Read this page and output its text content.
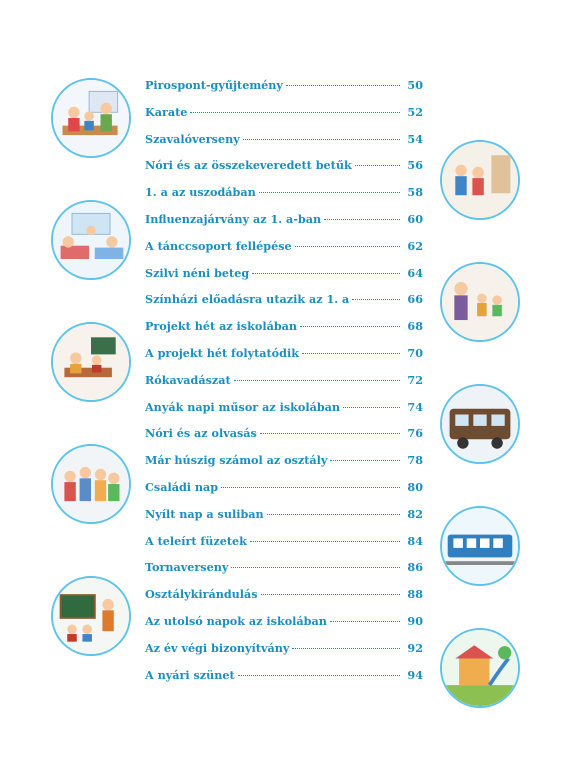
Pirospont-gyűjtemény	50
Karate	52
Szavalóverseny	54
Nóri és az összekeveredett betűk	56
1. a az uszodában	58
Influenzajárvány az 1. a-ban	60
A tánccsoport fellépése	62
Szilvi néni beteg	64
Színházi előadásra utazik az 1. a	66
Projekt hét az iskolában	68
A projekt hét folytatódik	70
Rókavadászat	72
Anyák napi műsor az iskolában	74
Nóri és az olvasás	76
Már húszig számol az osztály	78
Családi nap	80
Nyílt nap a suliban	82
A teleírt füzetek	84
Tornaverseny	86
Osztálykirándulás	88
Az utolsó napok az iskolában	90
Az év végi bizonyítvány	92
A nyári szünet	94
